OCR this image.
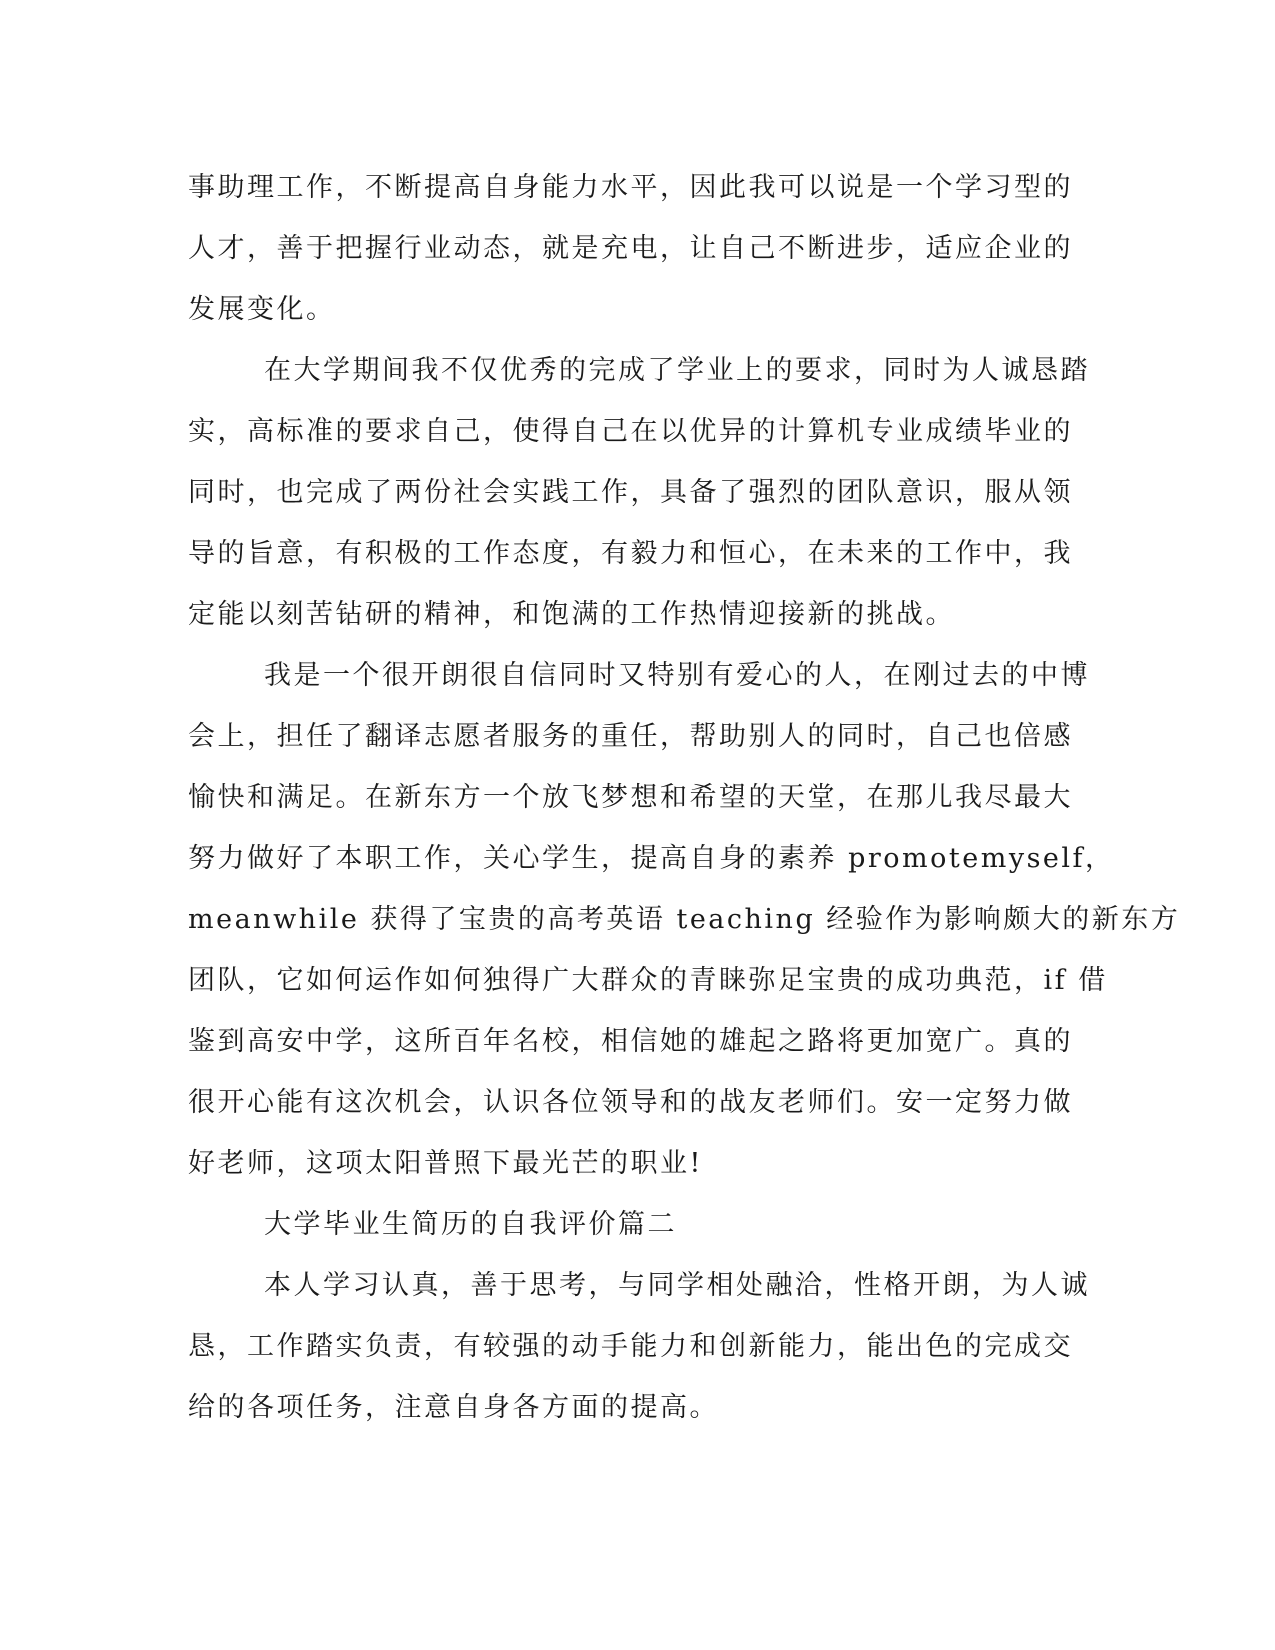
事助理工作，不断提高自身能力水平，因此我可以说是一个学习型的
人才，善于把握行业动态，就是充电，让自己不断进步，适应企业的
发展变化。
在大学期间我不仅优秀的完成了学业上的要求，同时为人诚恳踏
实，高标准的要求自己，使得自己在以优异的计算机专业成绩毕业的
同时，也完成了两份社会实践工作，具备了强烈的团队意识，服从领
导的旨意，有积极的工作态度，有毅力和恒心，在未来的工作中，我
定能以刻苦钻研的精神，和饱满的工作热情迎接新的挑战。
我是一个很开朗很自信同时又特别有爱心的人，在刚过去的中博
会上，担任了翻译志愿者服务的重任，帮助别人的同时，自己也倍感
愉快和满足。在新东方一个放飞梦想和希望的天堂，在那儿我尽最大
努力做好了本职工作，关心学生，提高自身的素养 promotemyself，
meanwhile 获得了宝贵的高考英语 teaching 经验作为影响颇大的新东方
团队，它如何运作如何独得广大群众的青睐弥足宝贵的成功典范，if 借
鉴到高安中学，这所百年名校，相信她的雄起之路将更加宽广。真的
很开心能有这次机会，认识各位领导和的战友老师们。安一定努力做
好老师，这项太阳普照下最光芒的职业!
大学毕业生简历的自我评价篇二
本人学习认真，善于思考，与同学相处融洽，性格开朗，为人诚
恳，工作踏实负责，有较强的动手能力和创新能力，能出色的完成交
给的各项任务，注意自身各方面的提高。
